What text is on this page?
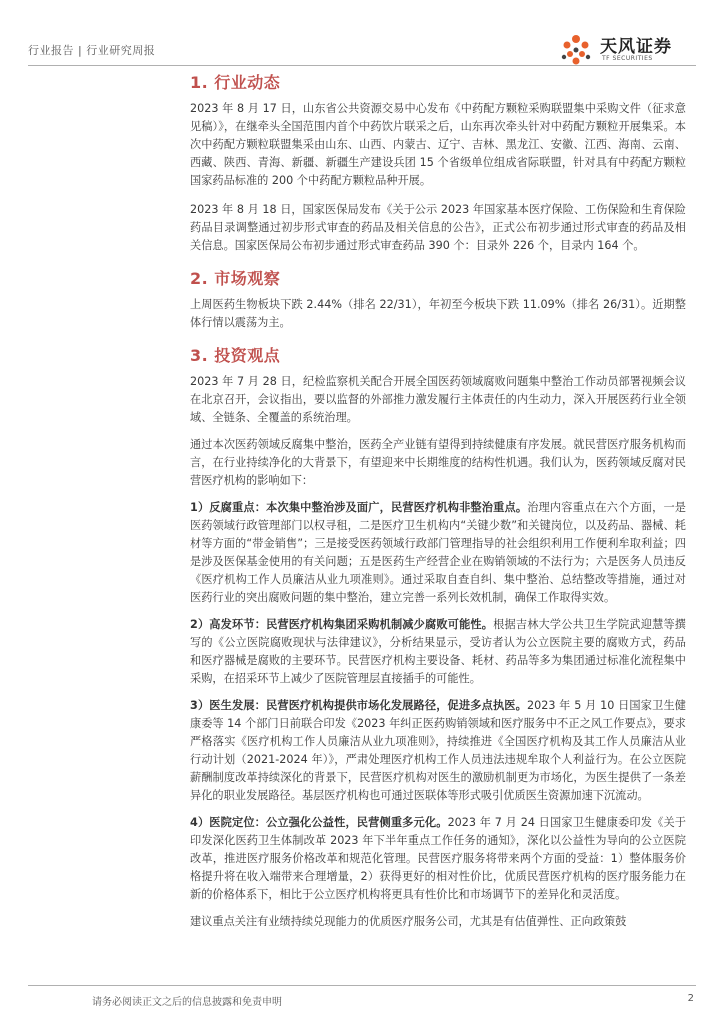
行业报告 | 行业研究周报	天风证券
TF SECURITIES
1. 行业动态

2023 年 8 月 17 日，山东省公共资源交易中心发布《中药配方颗粒采购联盟集中采购文件（征求意见稿）》，在继牵头全国范围内首个中药饮片联采之后，山东再次牵头针对中药配方颗粒开展集采。本次中药配方颗粒联盟集采由山东、山西、内蒙古、辽宁、吉林、黑龙江、安徽、江西、海南、云南、西藏、陕西、青海、新疆、新疆生产建设兵团 15 个省级单位组成省际联盟，针对具有中药配方颗粒国家药品标准的 200 个中药配方颗粒品种开展。

2023 年 8 月 18 日，国家医保局发布《关于公示 2023 年国家基本医疗保险、工伤保险和生育保险药品目录调整通过初步形式审查的药品及相关信息的公告》，正式公布初步通过形式审查的药品及相关信息。国家医保局公布初步通过形式审查药品 390 个：目录外 226 个，目录内 164 个。

2. 市场观察

上周医药生物板块下跌 2.44%（排名 22/31），年初至今板块下跌 11.09%（排名 26/31）。近期整体行情以震荡为主。

3. 投资观点

2023 年 7 月 28 日，纪检监察机关配合开展全国医药领域腐败问题集中整治工作动员部署视频会议在北京召开，会议指出，要以监督的外部推力激发履行主体责任的内生动力，深入开展医药行业全领域、全链条、全覆盖的系统治理。

通过本次医药领域反腐集中整治，医药全产业链有望得到持续健康有序发展。就民营医疗服务机构而言，在行业持续净化的大背景下，有望迎来中长期维度的结构性机遇。我们认为，医药领域反腐对民营医疗机构的影响如下：

1）反腐重点：本次集中整治涉及面广，民营医疗机构非整治重点。治理内容重点在六个方面，一是医药领域行政管理部门以权寻租，二是医疗卫生机构内“关键少数”和关键岗位，以及药品、器械、耗材等方面的“带金销售”；三是接受医药领域行政部门管理指导的社会组织利用工作便利牟取利益；四是涉及医保基金使用的有关问题；五是医药生产经营企业在购销领域的不法行为；六是医务人员违反《医疗机构工作人员廉洁从业九项准则》。通过采取自查自纠、集中整治、总结整改等措施，通过对医药行业的突出腐败问题的集中整治，建立完善一系列长效机制，确保工作取得实效。

2）高发环节：民营医疗机构集团采购机制减少腐败可能性。根据吉林大学公共卫生学院武迎慧等撰写的《公立医院腐败现状与法律建议》，分析结果显示，受访者认为公立医院主要的腐败方式，药品和医疗器械是腐败的主要环节。民营医疗机构主要设备、耗材、药品等多为集团通过标准化流程集中采购，在招采环节上减少了医院管理层直接插手的可能性。

3）医生发展：民营医疗机构提供市场化发展路径，促进多点执医。2023 年 5 月 10 日国家卫生健康委等 14 个部门日前联合印发《2023 年纠正医药购销领域和医疗服务中不正之风工作要点》，要求严格落实《医疗机构工作人员廉洁从业九项准则》，持续推进《全国医疗机构及其工作人员廉洁从业行动计划（2021-2024 年）》，严肃处理医疗机构工作人员违法违规牟取个人利益行为。在公立医院薪酬制度改革持续深化的背景下，民营医疗机构对医生的激励机制更为市场化，为医生提供了一条差异化的职业发展路径。基层医疗机构也可通过医联体等形式吸引优质医生资源加速下沉流动。

4）医院定位：公立强化公益性，民营侧重多元化。2023 年 7 月 24 日国家卫生健康委印发《关于印发深化医药卫生体制改革 2023 年下半年重点工作任务的通知》，深化以公益性为导向的公立医院改革，推进医疗服务价格改革和规范化管理。民营医疗服务将带来两个方面的受益：1）整体服务价格提升将在收入端带来合理增量，2）获得更好的相对性价比，优质民营医疗机构的医疗服务能力在新的价格体系下，相比于公立医疗机构将更具有性价比和市场调节下的差异化和灵活度。

建议重点关注有业绩持续兑现能力的优质医疗服务公司，尤其是有估值弹性、正向政策鼓

请务必阅读正文之后的信息披露和免责申明	2
